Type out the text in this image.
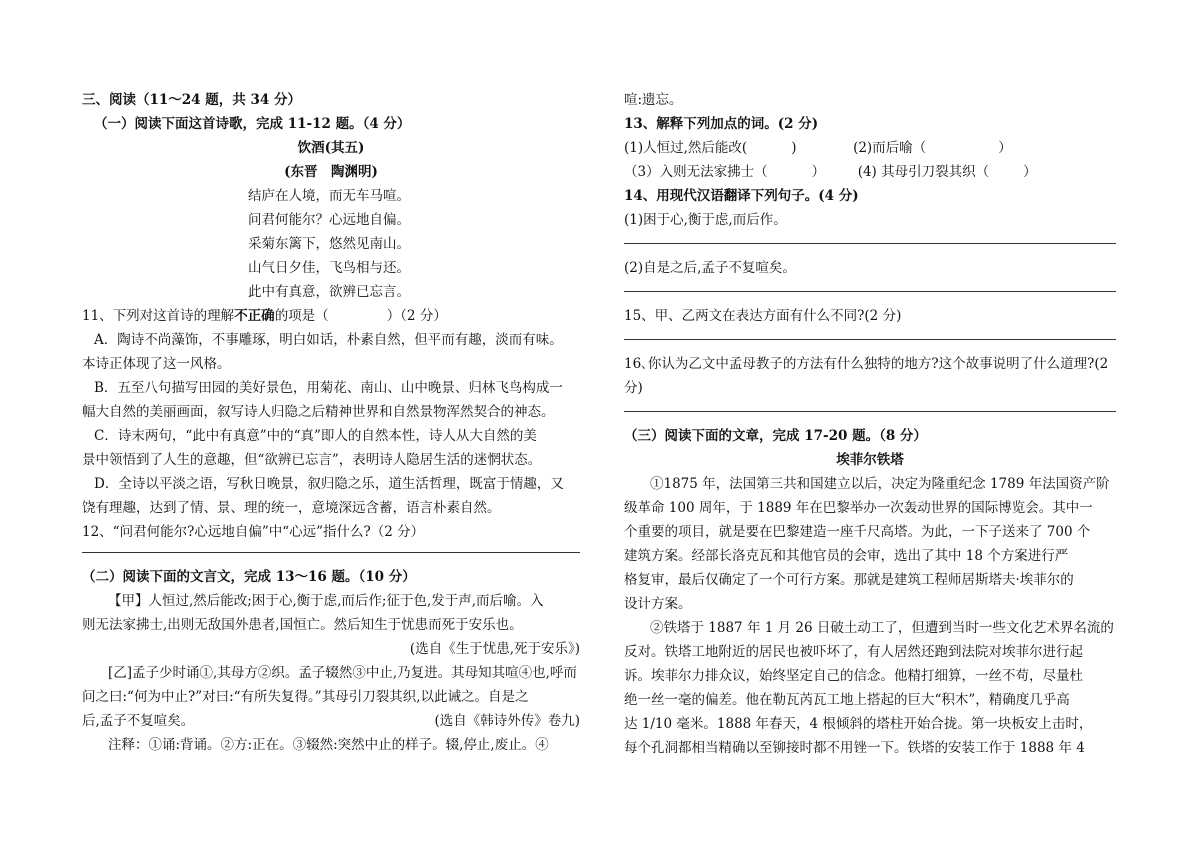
三、阅读（11～24 题，共 34 分）
（一）阅读下面这首诗歌，完成 11-12 题。（4 分）
饮酒(其五)
(东晋　陶渊明)
结庐在人境，而无车马喧。
问君何能尔？心远地自偏。
采菊东篱下，悠然见南山。
山气日夕佳，飞鸟相与还。
此中有真意，欲辨已忘言。
11、下列对这首诗的理解不正确的项是（	）（2 分）
A．陶诗不尚藻饰，不事雕琢，明白如话，朴素自然，但平而有趣，淡而有味。
本诗正体现了这一风格。
B．五至八句描写田园的美好景色，用菊花、南山、山中晚景、归林飞鸟构成一
幅大自然的美丽画面，叙写诗人归隐之后精神世界和自然景物浑然契合的神态。
C．诗末两句，“此中有真意”中的“真”即人的自然本性，诗人从大自然的美
景中领悟到了人生的意趣，但“欲辨已忘言”，表明诗人隐居生活的迷惘状态。
D．全诗以平淡之语，写秋日晚景，叙归隐之乐，道生活哲理，既富于情趣，又
饶有理趣，达到了情、景、理的统一，意境深远含蓄，语言朴素自然。
12、“问君何能尔?心远地自偏”中“心远”指什么?（2 分）
（二）阅读下面的文言文，完成 13～16 题。（10 分）
【甲】人恒过,然后能改;困于心,衡于虑,而后作;征于色,发于声,而后喻。入
则无法家拂士,出则无敌国外患者,国恒亡。然后知生于忧患而死于安乐也。
(选自《生于忧患,死于安乐》)
[乙]孟子少时诵①,其母方②织。孟子辍然③中止,乃复进。其母知其喧④也,呼而
问之曰:“何为中止?”对曰:“有所失复得。”其母引刀裂其织,以此诫之。自是之
后,孟子不复喧矣。	(选自《韩诗外传》卷九)
注释：①诵:背诵。②方:正在。③辍然:突然中止的样子。辍,停止,废止。④
喧:遗忘。
13、解释下列加点的词。(2 分)
(1)人恒过,然后能改(	)	(2)而后喻（	）
（3）入则无法家拂士（	） (4) 其母引刀裂其织（	）
14、用现代汉语翻译下列句子。(4 分)
(1)困于心,衡于虑,而后作。
(2)自是之后,孟子不复喧矣。
15、甲、乙两文在表达方面有什么不同?(2 分)
16､你认为乙文中孟母教子的方法有什么独特的地方?这个故事说明了什么道理?(2
分)
（三）阅读下面的文章，完成 17-20 题。（8 分）
埃菲尔铁塔
①1875 年，法国第三共和国建立以后，决定为隆重纪念 1789 年法国资产阶
级革命 100 周年，于 1889 年在巴黎举办一次轰动世界的国际博览会。其中一
个重要的项目，就是要在巴黎建造一座千尺高塔。为此，一下子送来了 700 个
建筑方案。经部长洛克瓦和其他官员的会审，选出了其中 18 个方案进行严
格复审，最后仅确定了一个可行方案。那就是建筑工程师居斯塔夫·埃菲尔的
设计方案。
②铁塔于 1887 年 1 月 26 日破土动工了，但遭到当时一些文化艺术界名流的
反对。铁塔工地附近的居民也被吓坏了，有人居然还跑到法院对埃菲尔进行起
诉。埃菲尔力排众议，始终坚定自己的信念。他精打细算，一丝不苟，尽量杜
绝一丝一毫的偏差。他在勒瓦芮瓦工地上搭起的巨大“积木”，精确度几乎高
达 1/10 毫米。1888 年春天，4 根倾斜的塔柱开始合拢。第一块板安上击时，
每个孔洞都相当精确以至铆接时都不用锉一下。铁塔的安装工作于 1888 年 4
